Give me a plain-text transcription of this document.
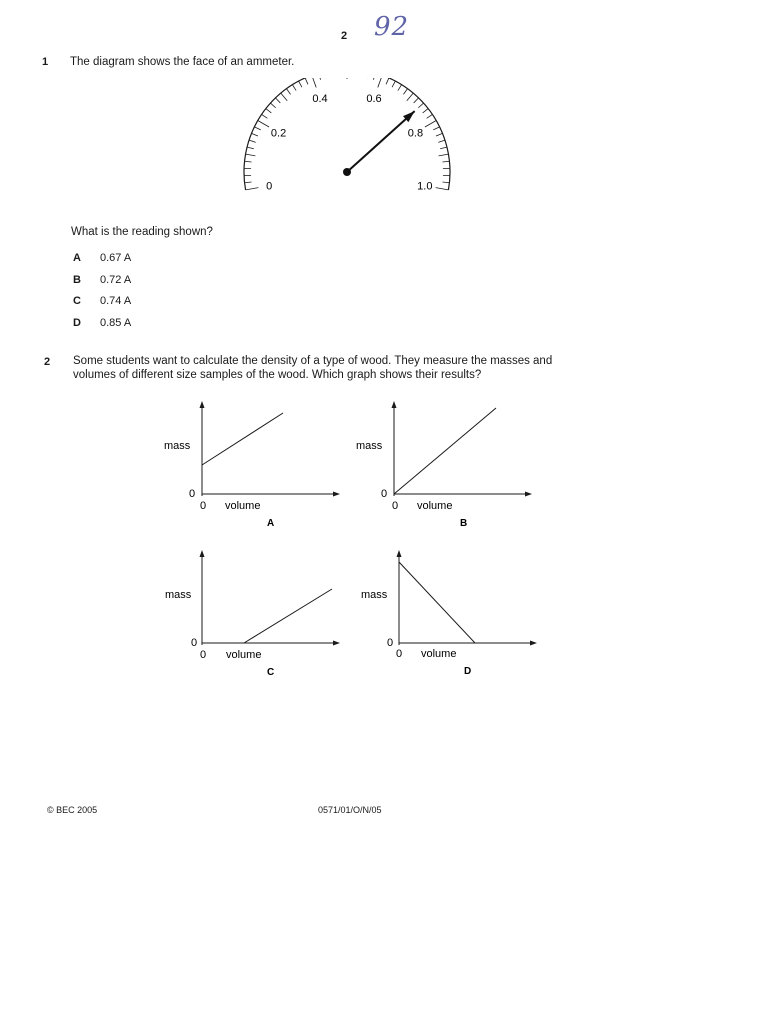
2 92
1 The diagram shows the face of an ammeter.
0
0.2
0.4	0.6
0.8
1.0
What is the reading shown?
A 0.67 A
B 0.72 A
C 0.74 A
D 0.85 A
2 Some students want to calculate the density of a type of wood. They measure the masses and
volumes of different size samples of the wood. Which graph shows their results?
mass
0
0 volume
A
mass
0
0 volume
B
mass
0
0 volume
C
mass
0
0 volume
D
© BEC 2005	0571/01/O/N/05
